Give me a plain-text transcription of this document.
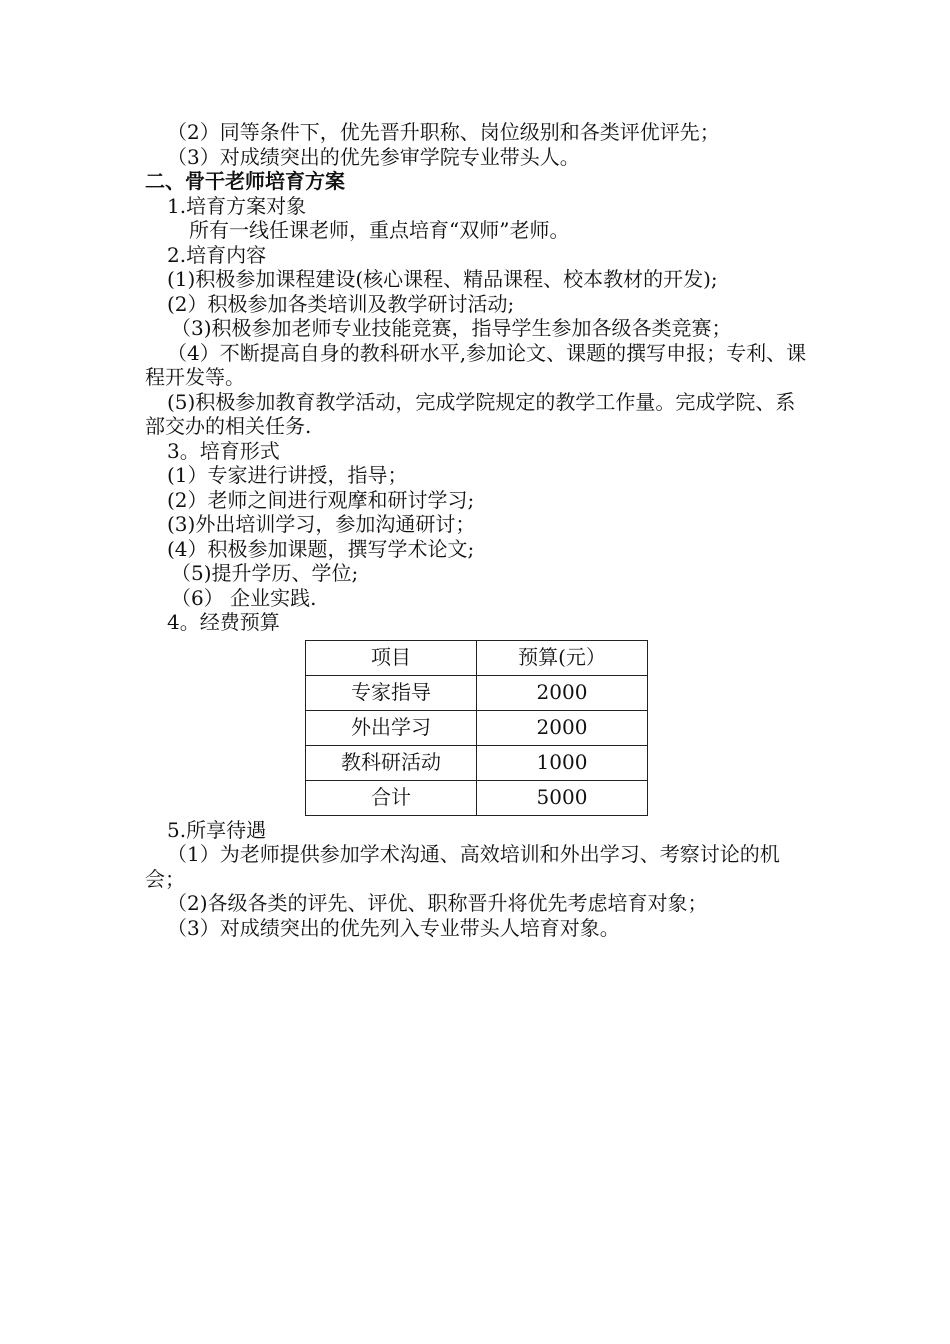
（2）同等条件下，优先晋升职称、岗位级别和各类评优评先；
（3）对成绩突出的优先参审学院专业带头人。
二、骨干老师培育方案
1.培育方案对象
所有一线任课老师，重点培育“双师”老师。
2.培育内容
(1)积极参加课程建设(核心课程、精品课程、校本教材的开发);
(2）积极参加各类培训及教学研讨活动;
（3)积极参加老师专业技能竞赛，指导学生参加各级各类竞赛；
（4）不断提高自身的教科研水平,参加论文、课题的撰写申报；专利、课程开发等。
(5)积极参加教育教学活动，完成学院规定的教学工作量。完成学院、系部交办的相关任务.
3。培育形式
(1）专家进行讲授，指导；
(2）老师之间进行观摩和研讨学习;
(3)外出培训学习，参加沟通研讨；
(4）积极参加课题，撰写学术论文;
（5)提升学历、学位;
（6） 企业实践.
4。经费预算
项目	预算(元）
专家指导	2000
外出学习	2000
教科研活动	1000
合计	5000
5.所享待遇
（1）为老师提供参加学术沟通、高效培训和外出学习、考察讨论的机会；
（2)各级各类的评先、评优、职称晋升将优先考虑培育对象；
（3）对成绩突出的优先列入专业带头人培育对象。
